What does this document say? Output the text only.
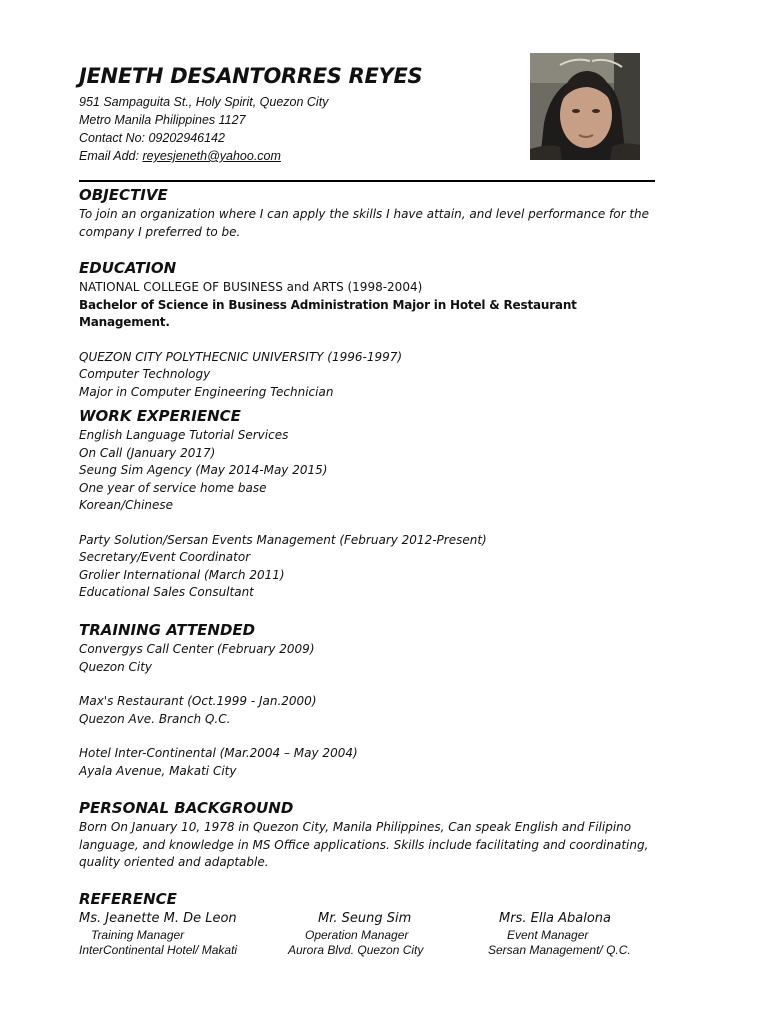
JENETH DESANTORRES REYES
951 Sampaguita St., Holy Spirit, Quezon City
Metro Manila Philippines 1127
Contact No: 09202946142
Email Add: reyesjeneth@yahoo.com
OBJECTIVE
To join an organization where I can apply the skills I have attain, and level performance for the company I preferred to be.
EDUCATION
NATIONAL COLLEGE OF BUSINESS and ARTS (1998-2004)
Bachelor of Science in Business Administration Major in Hotel & Restaurant Management.
QUEZON CITY POLYTHECNIC UNIVERSITY (1996-1997)
Computer Technology
Major in Computer Engineering Technician
WORK EXPERIENCE
English Language Tutorial Services
On Call (January 2017)
Seung Sim Agency (May 2014-May 2015)
One year of service home base
Korean/Chinese
Party Solution/Sersan Events Management (February 2012-Present)
Secretary/Event Coordinator
Grolier International (March 2011)
Educational Sales Consultant
TRAINING ATTENDED
Convergys Call Center (February 2009)
Quezon City
Max's Restaurant (Oct.1999 - Jan.2000)
Quezon Ave. Branch Q.C.
Hotel Inter-Continental (Mar.2004 – May 2004)
Ayala Avenue, Makati City
PERSONAL BACKGROUND
Born On January 10, 1978 in Quezon City, Manila Philippines, Can speak English and Filipino language, and knowledge in MS Office applications. Skills include facilitating and coordinating, quality oriented and adaptable.
REFERENCE
Ms. Jeanette M. De Leon
Training Manager
InterContinental Hotel/ Makati
Mr. Seung Sim
Operation Manager
Aurora Blvd. Quezon City
Mrs. Ella Abalona
Event Manager
Sersan Management/ Q.C.
